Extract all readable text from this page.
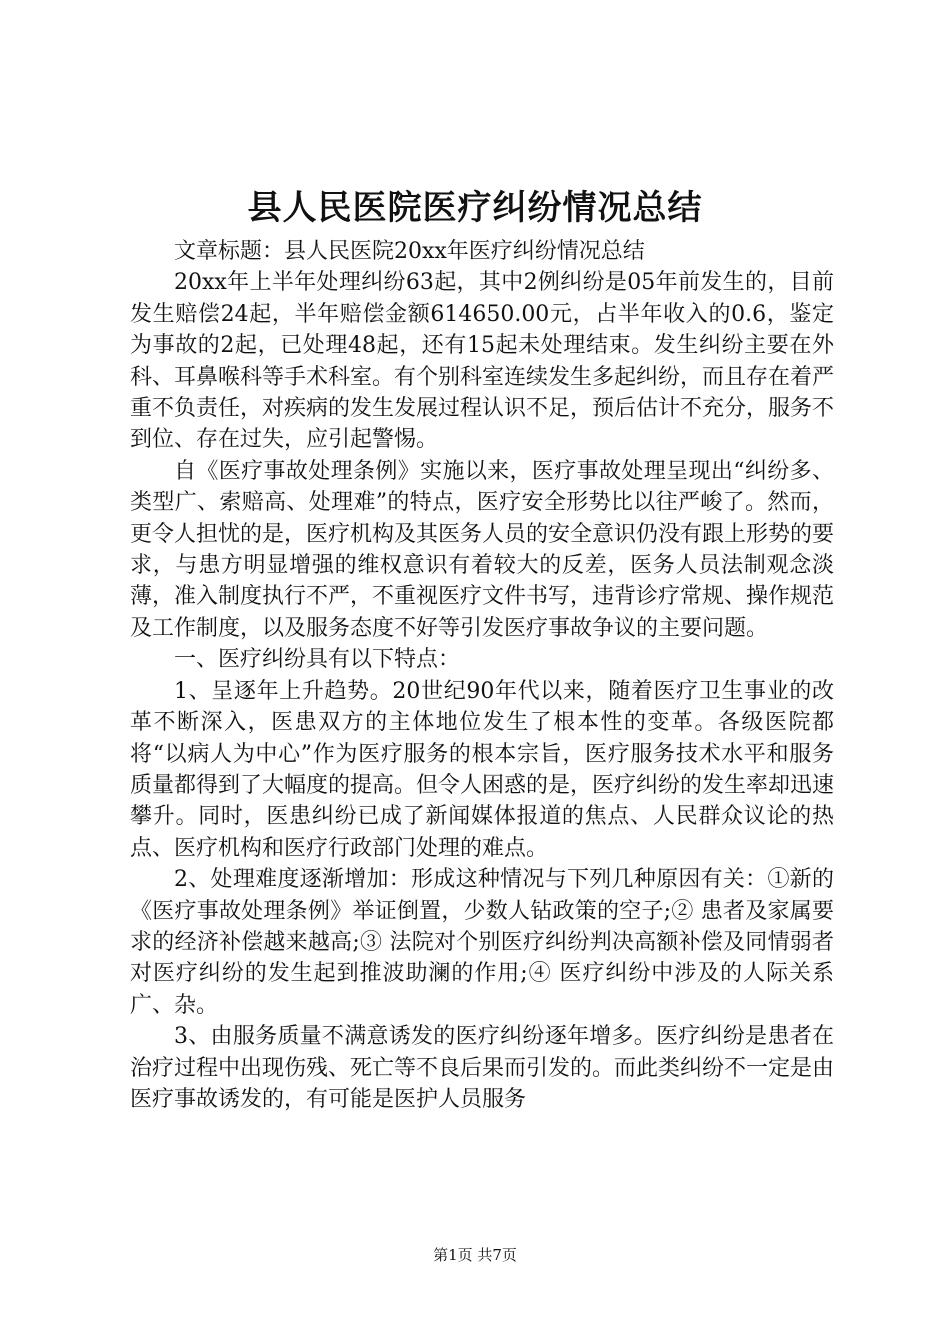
县人民医院医疗纠纷情况总结

文章标题：县人民医院20xx年医疗纠纷情况总结

20xx年上半年处理纠纷63起，其中2例纠纷是05年前发生的，目前发生赔偿24起，半年赔偿金额614650.00元，占半年收入的0.6，鉴定为事故的2起，已处理48起，还有15起未处理结束。发生纠纷主要在外科、耳鼻喉科等手术科室。有个别科室连续发生多起纠纷，而且存在着严重不负责任，对疾病的发生发展过程认识不足，预后估计不充分，服务不到位、存在过失，应引起警惕。

自《医疗事故处理条例》实施以来，医疗事故处理呈现出“纠纷多、类型广、索赔高、处理难”的特点，医疗安全形势比以往严峻了。然而，更令人担忧的是，医疗机构及其医务人员的安全意识仍没有跟上形势的要求，与患方明显增强的维权意识有着较大的反差，医务人员法制观念淡薄，准入制度执行不严，不重视医疗文件书写，违背诊疗常规、操作规范及工作制度，以及服务态度不好等引发医疗事故争议的主要问题。

一、医疗纠纷具有以下特点：

1、呈逐年上升趋势。20世纪90年代以来，随着医疗卫生事业的改革不断深入，医患双方的主体地位发生了根本性的变革。各级医院都将“以病人为中心”作为医疗服务的根本宗旨，医疗服务技术水平和服务质量都得到了大幅度的提高。但令人困惑的是，医疗纠纷的发生率却迅速攀升。同时，医患纠纷已成了新闻媒体报道的焦点、人民群众议论的热点、医疗机构和医疗行政部门处理的难点。

2、处理难度逐渐增加：形成这种情况与下列几种原因有关：①新的《医疗事故处理条例》举证倒置，少数人钻政策的空子;② 患者及家属要求的经济补偿越来越高;③ 法院对个别医疗纠纷判决高额补偿及同情弱者对医疗纠纷的发生起到推波助澜的作用;④ 医疗纠纷中涉及的人际关系广、杂。

3、由服务质量不满意诱发的医疗纠纷逐年增多。医疗纠纷是患者在治疗过程中出现伤残、死亡等不良后果而引发的。而此类纠纷不一定是由医疗事故诱发的，有可能是医护人员服务

第1页 共7页
